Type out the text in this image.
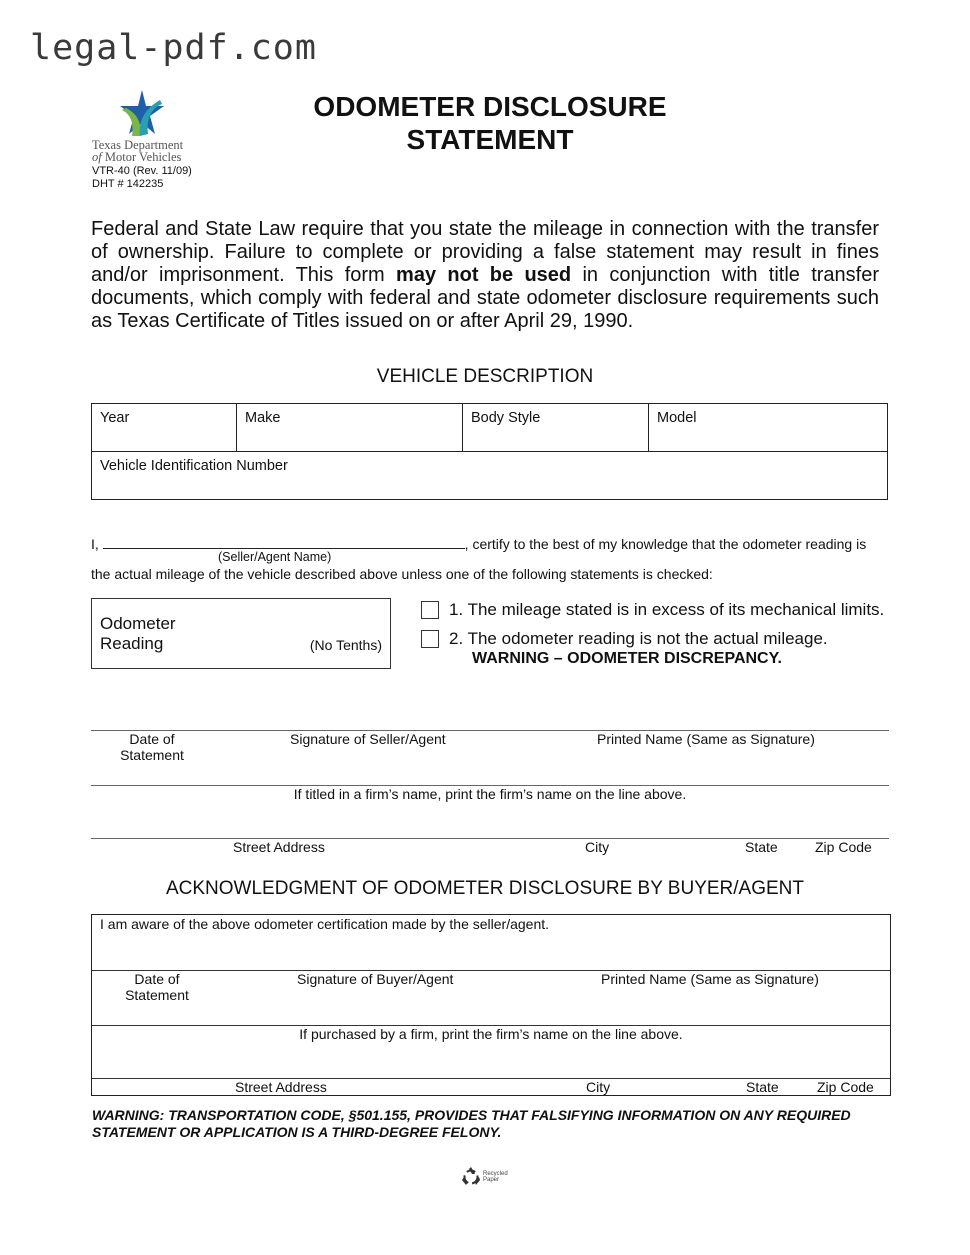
legal-pdf.com
Texas Department
of Motor Vehicles
VTR-40 (Rev. 11/09)
DHT # 142235
ODOMETER DISCLOSURE
STATEMENT
Federal and State Law require that you state the mileage in connection with the transfer of ownership. Failure to complete or providing a false statement may result in fines and/or imprisonment. This form may not be used in conjunction with title transfer documents, which comply with federal and state odometer disclosure requirements such as Texas Certificate of Titles issued on or after April 29, 1990.
VEHICLE DESCRIPTION
Year	Make	Body Style	Model
Vehicle Identification Number
I,	, certify to the best of my knowledge that the odometer reading is
(Seller/Agent Name)
the actual mileage of the vehicle described above unless one of the following statements is checked:
Odometer
Reading	(No Tenths)
1. The mileage stated is in excess of its mechanical limits.
2. The odometer reading is not the actual mileage.
WARNING – ODOMETER DISCREPANCY.
Date of
Statement
Signature of Seller/Agent	Printed Name (Same as Signature)
If titled in a firm’s name, print the firm’s name on the line above.
Street Address	City	State	Zip Code
ACKNOWLEDGMENT OF ODOMETER DISCLOSURE BY BUYER/AGENT
I am aware of the above odometer certification made by the seller/agent.
Date of
Statement
Signature of Buyer/Agent	Printed Name (Same as Signature)
If purchased by a firm, print the firm’s name on the line above.
Street Address	City	State	Zip Code
WARNING: TRANSPORTATION CODE, §501.155, PROVIDES THAT FALSIFYING INFORMATION ON ANY REQUIRED STATEMENT OR APPLICATION IS A THIRD-DEGREE FELONY.
Recycled
Paper
